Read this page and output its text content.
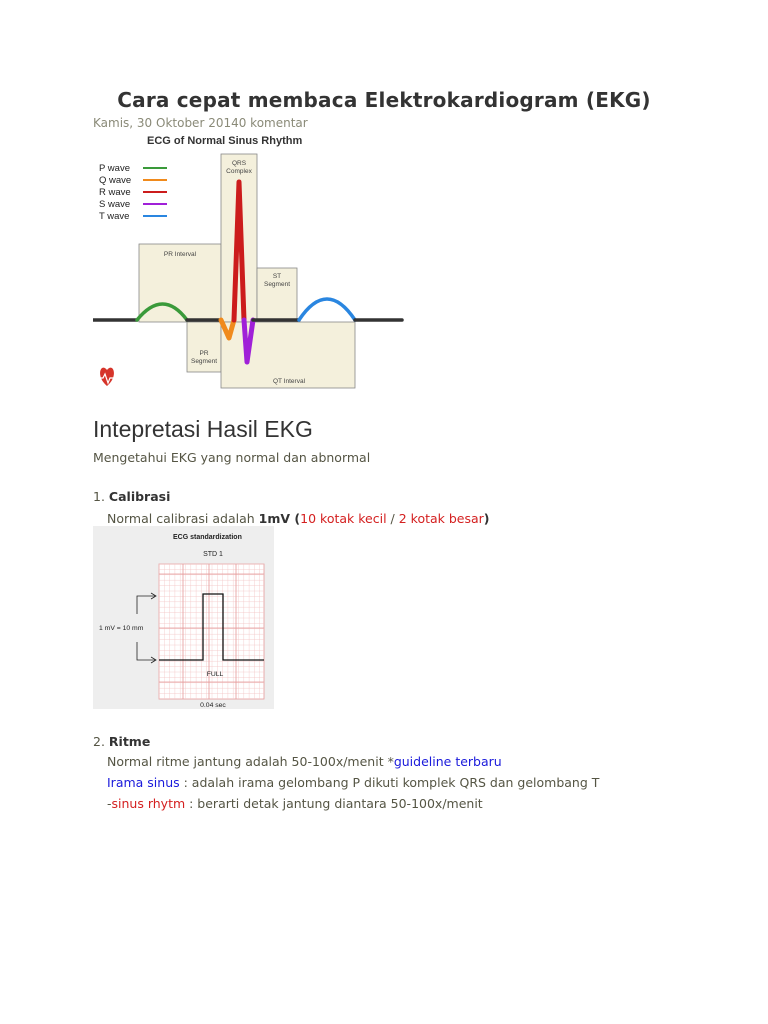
Cara cepat membaca Elektrokardiogram (EKG)
Kamis, 30 Oktober 20140 komentar
ECG of Normal Sinus Rhythm
P wave
Q wave
R wave
S wave
T wave
PR Interval
QRS
Complex
ST
Segment
PR
Segment
QT Interval
Intepretasi Hasil EKG
Mengetahui EKG yang normal dan abnormal
1. Calibrasi
Normal calibrasi adalah 1mV (10 kotak kecil / 2 kotak besar)
ECG standardization
STD 1
1 mV = 10 mm
FULL
0.04 sec
2. Ritme
Normal ritme jantung adalah 50-100x/menit *guideline terbaru
Irama sinus : adalah irama gelombang P dikuti komplek QRS dan gelombang T
-sinus rhytm : berarti detak jantung diantara 50-100x/menit
